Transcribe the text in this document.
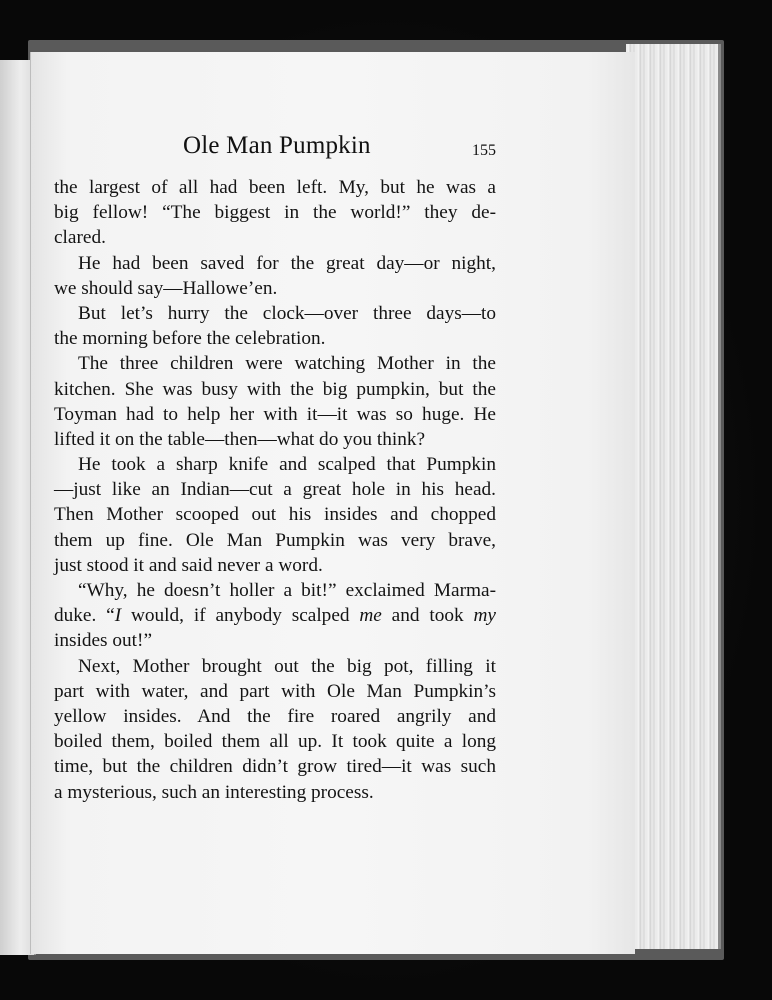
Ole Man Pumpkin	155
the largest of all had been left. My, but he was a
big fellow! “The biggest in the world!” they de-
clared.
He had been saved for the great day—or night,
we should say—Hallowe’en.
But let’s hurry the clock—over three days—to
the morning before the celebration.
The three children were watching Mother in the
kitchen. She was busy with the big pumpkin, but the
Toyman had to help her with it—it was so huge. He
lifted it on the table—then—what do you think?
He took a sharp knife and scalped that Pumpkin
—just like an Indian—cut a great hole in his head.
Then Mother scooped out his insides and chopped
them up fine. Ole Man Pumpkin was very brave,
just stood it and said never a word.
“Why, he doesn’t holler a bit!” exclaimed Marma-
duke. “I would, if anybody scalped me and took my
insides out!”
Next, Mother brought out the big pot, filling it
part with water, and part with Ole Man Pumpkin’s
yellow insides. And the fire roared angrily and
boiled them, boiled them all up. It took quite a long
time, but the children didn’t grow tired—it was such
a mysterious, such an interesting process.
